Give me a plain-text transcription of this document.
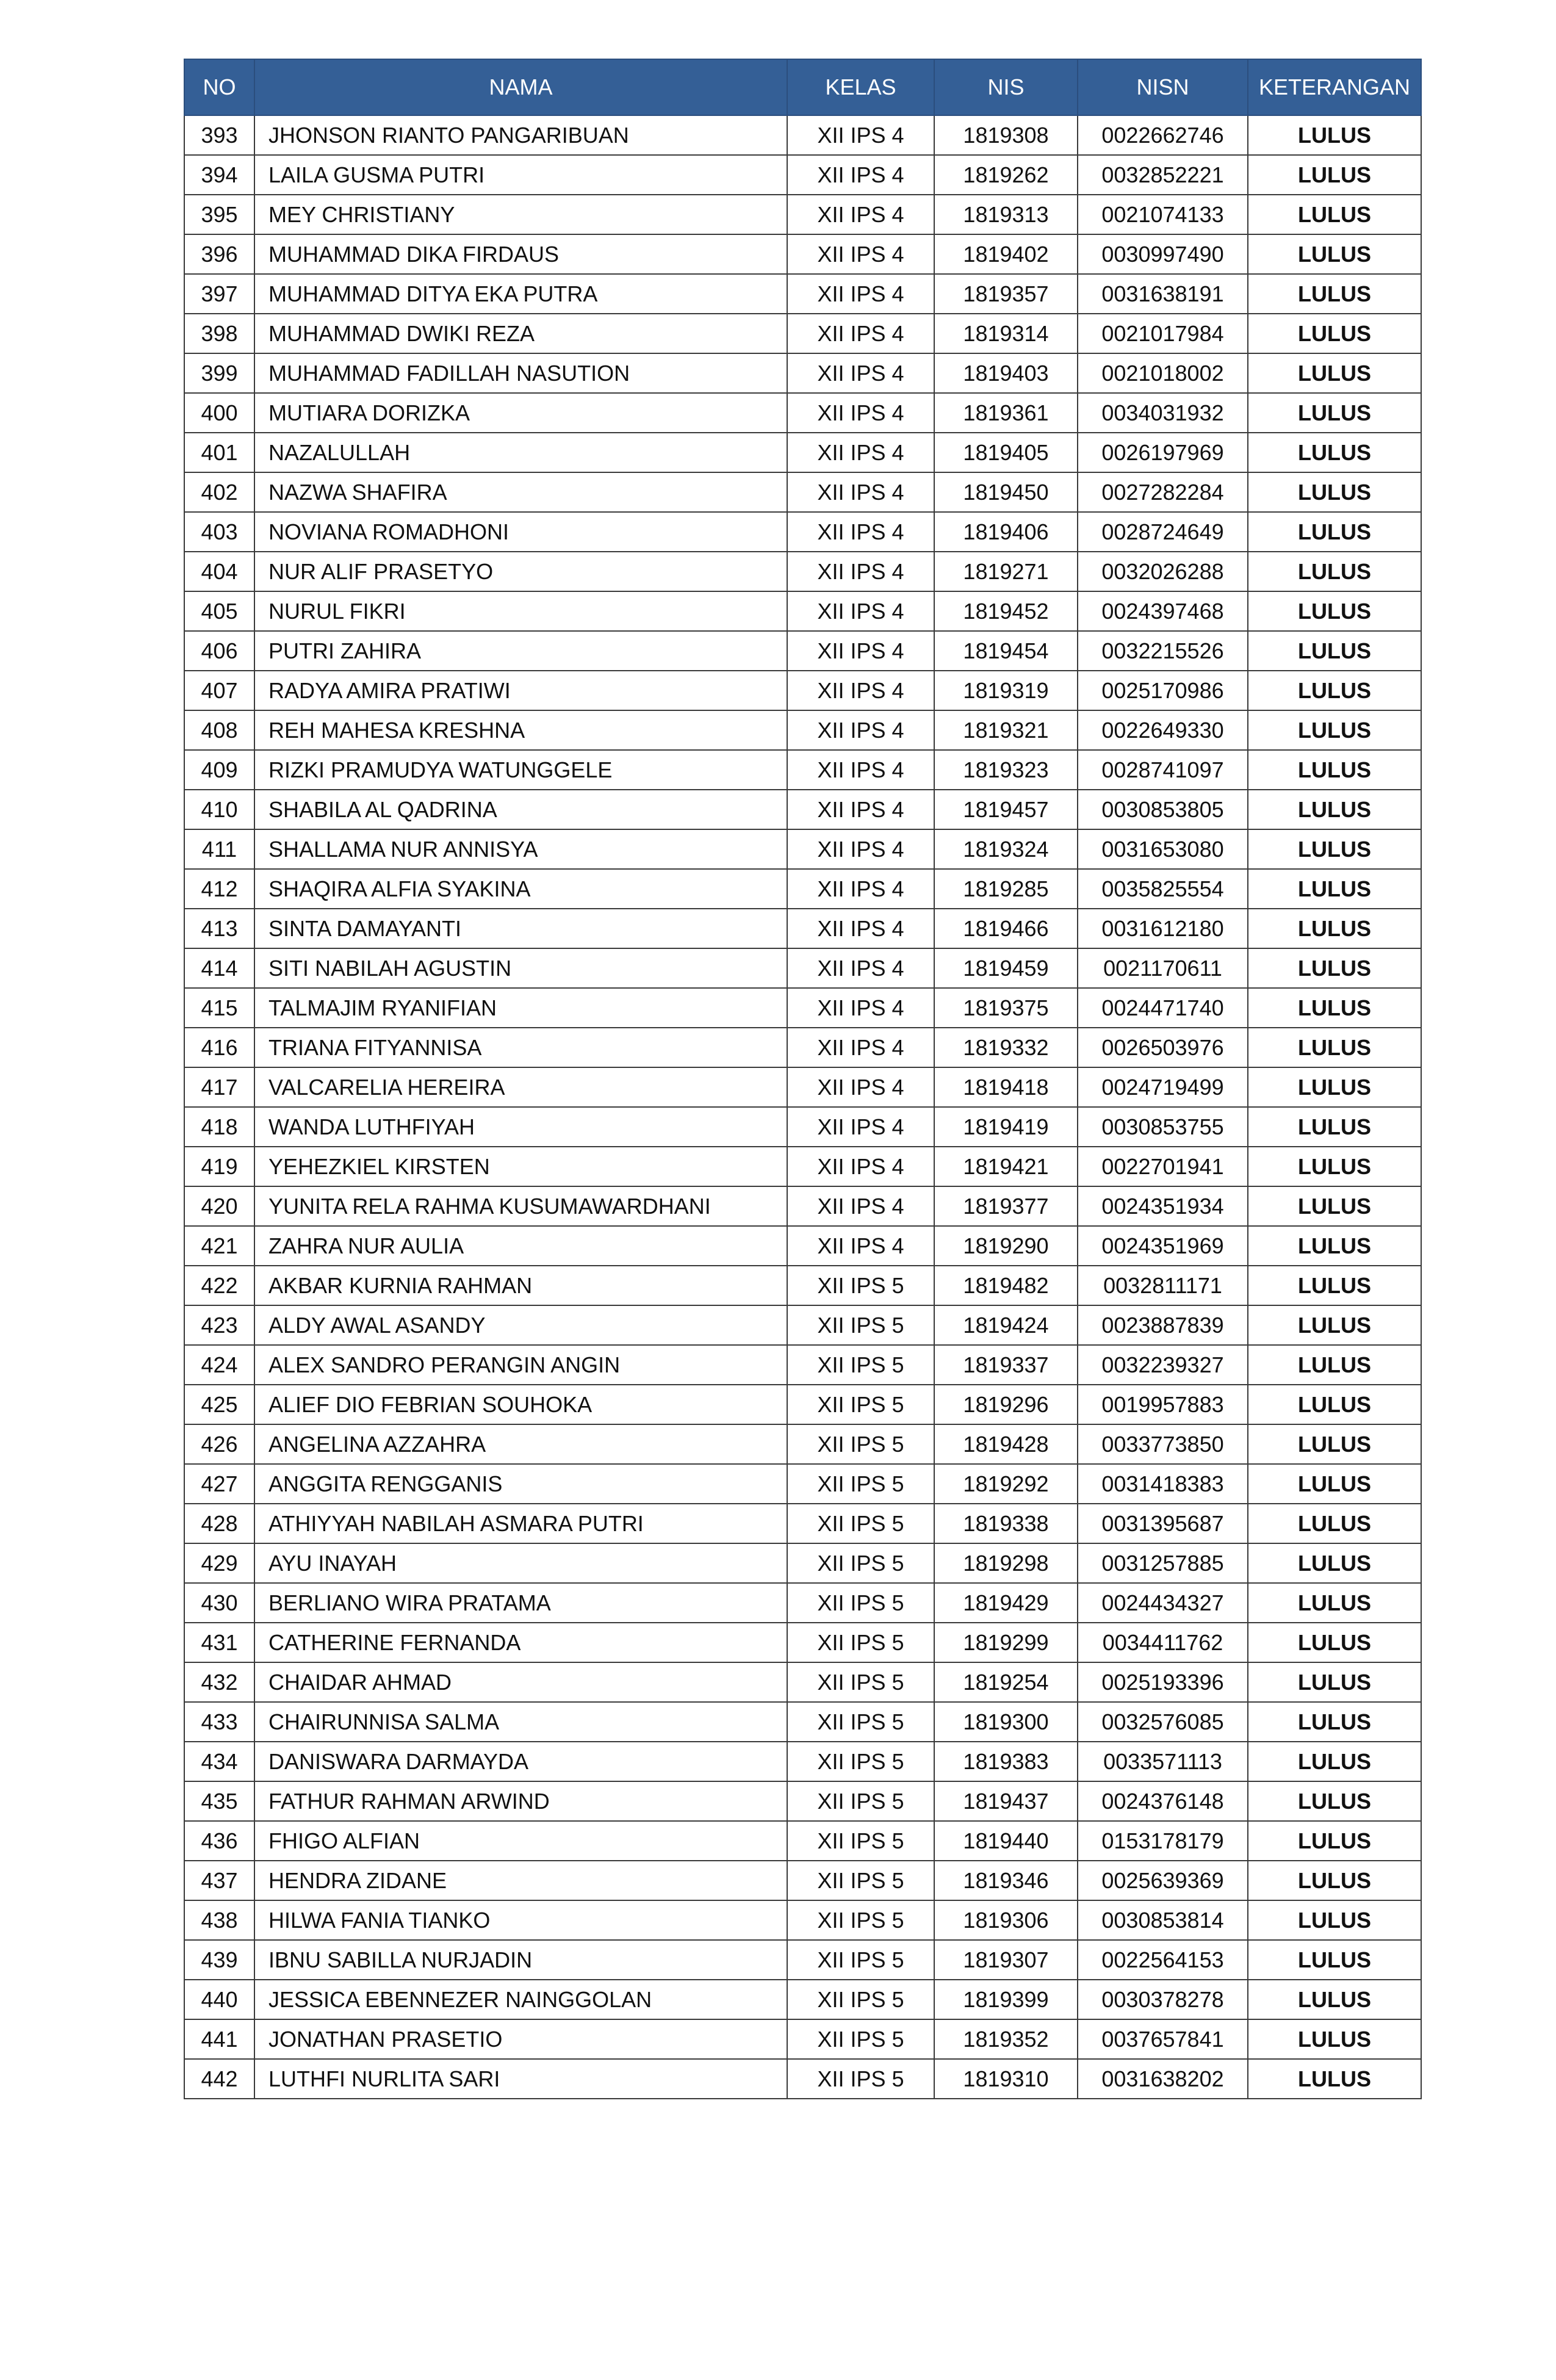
NO	NAMA	KELAS	NIS	NISN	KETERANGAN
393	JHONSON RIANTO PANGARIBUAN	XII IPS 4	1819308	0022662746	LULUS
394	LAILA GUSMA PUTRI	XII IPS 4	1819262	0032852221	LULUS
395	MEY CHRISTIANY	XII IPS 4	1819313	0021074133	LULUS
396	MUHAMMAD DIKA FIRDAUS	XII IPS 4	1819402	0030997490	LULUS
397	MUHAMMAD DITYA EKA PUTRA	XII IPS 4	1819357	0031638191	LULUS
398	MUHAMMAD DWIKI REZA	XII IPS 4	1819314	0021017984	LULUS
399	MUHAMMAD FADILLAH NASUTION	XII IPS 4	1819403	0021018002	LULUS
400	MUTIARA DORIZKA	XII IPS 4	1819361	0034031932	LULUS
401	NAZALULLAH	XII IPS 4	1819405	0026197969	LULUS
402	NAZWA SHAFIRA	XII IPS 4	1819450	0027282284	LULUS
403	NOVIANA ROMADHONI	XII IPS 4	1819406	0028724649	LULUS
404	NUR ALIF PRASETYO	XII IPS 4	1819271	0032026288	LULUS
405	NURUL FIKRI	XII IPS 4	1819452	0024397468	LULUS
406	PUTRI ZAHIRA	XII IPS 4	1819454	0032215526	LULUS
407	RADYA AMIRA PRATIWI	XII IPS 4	1819319	0025170986	LULUS
408	REH MAHESA KRESHNA	XII IPS 4	1819321	0022649330	LULUS
409	RIZKI PRAMUDYA WATUNGGELE	XII IPS 4	1819323	0028741097	LULUS
410	SHABILA AL QADRINA	XII IPS 4	1819457	0030853805	LULUS
411	SHALLAMA NUR ANNISYA	XII IPS 4	1819324	0031653080	LULUS
412	SHAQIRA ALFIA SYAKINA	XII IPS 4	1819285	0035825554	LULUS
413	SINTA DAMAYANTI	XII IPS 4	1819466	0031612180	LULUS
414	SITI NABILAH AGUSTIN	XII IPS 4	1819459	0021170611	LULUS
415	TALMAJIM RYANIFIAN	XII IPS 4	1819375	0024471740	LULUS
416	TRIANA FITYANNISA	XII IPS 4	1819332	0026503976	LULUS
417	VALCARELIA HEREIRA	XII IPS 4	1819418	0024719499	LULUS
418	WANDA LUTHFIYAH	XII IPS 4	1819419	0030853755	LULUS
419	YEHEZKIEL KIRSTEN	XII IPS 4	1819421	0022701941	LULUS
420	YUNITA RELA RAHMA KUSUMAWARDHANI	XII IPS 4	1819377	0024351934	LULUS
421	ZAHRA NUR AULIA	XII IPS 4	1819290	0024351969	LULUS
422	AKBAR KURNIA RAHMAN	XII IPS 5	1819482	0032811171	LULUS
423	ALDY AWAL ASANDY	XII IPS 5	1819424	0023887839	LULUS
424	ALEX SANDRO PERANGIN ANGIN	XII IPS 5	1819337	0032239327	LULUS
425	ALIEF DIO FEBRIAN SOUHOKA	XII IPS 5	1819296	0019957883	LULUS
426	ANGELINA AZZAHRA	XII IPS 5	1819428	0033773850	LULUS
427	ANGGITA RENGGANIS	XII IPS 5	1819292	0031418383	LULUS
428	ATHIYYAH NABILAH ASMARA PUTRI	XII IPS 5	1819338	0031395687	LULUS
429	AYU INAYAH	XII IPS 5	1819298	0031257885	LULUS
430	BERLIANO WIRA PRATAMA	XII IPS 5	1819429	0024434327	LULUS
431	CATHERINE FERNANDA	XII IPS 5	1819299	0034411762	LULUS
432	CHAIDAR AHMAD	XII IPS 5	1819254	0025193396	LULUS
433	CHAIRUNNISA SALMA	XII IPS 5	1819300	0032576085	LULUS
434	DANISWARA DARMAYDA	XII IPS 5	1819383	0033571113	LULUS
435	FATHUR RAHMAN ARWIND	XII IPS 5	1819437	0024376148	LULUS
436	FHIGO ALFIAN	XII IPS 5	1819440	0153178179	LULUS
437	HENDRA ZIDANE	XII IPS 5	1819346	0025639369	LULUS
438	HILWA FANIA TIANKO	XII IPS 5	1819306	0030853814	LULUS
439	IBNU SABILLA NURJADIN	XII IPS 5	1819307	0022564153	LULUS
440	JESSICA EBENNEZER NAINGGOLAN	XII IPS 5	1819399	0030378278	LULUS
441	JONATHAN PRASETIO	XII IPS 5	1819352	0037657841	LULUS
442	LUTHFI NURLITA SARI	XII IPS 5	1819310	0031638202	LULUS
